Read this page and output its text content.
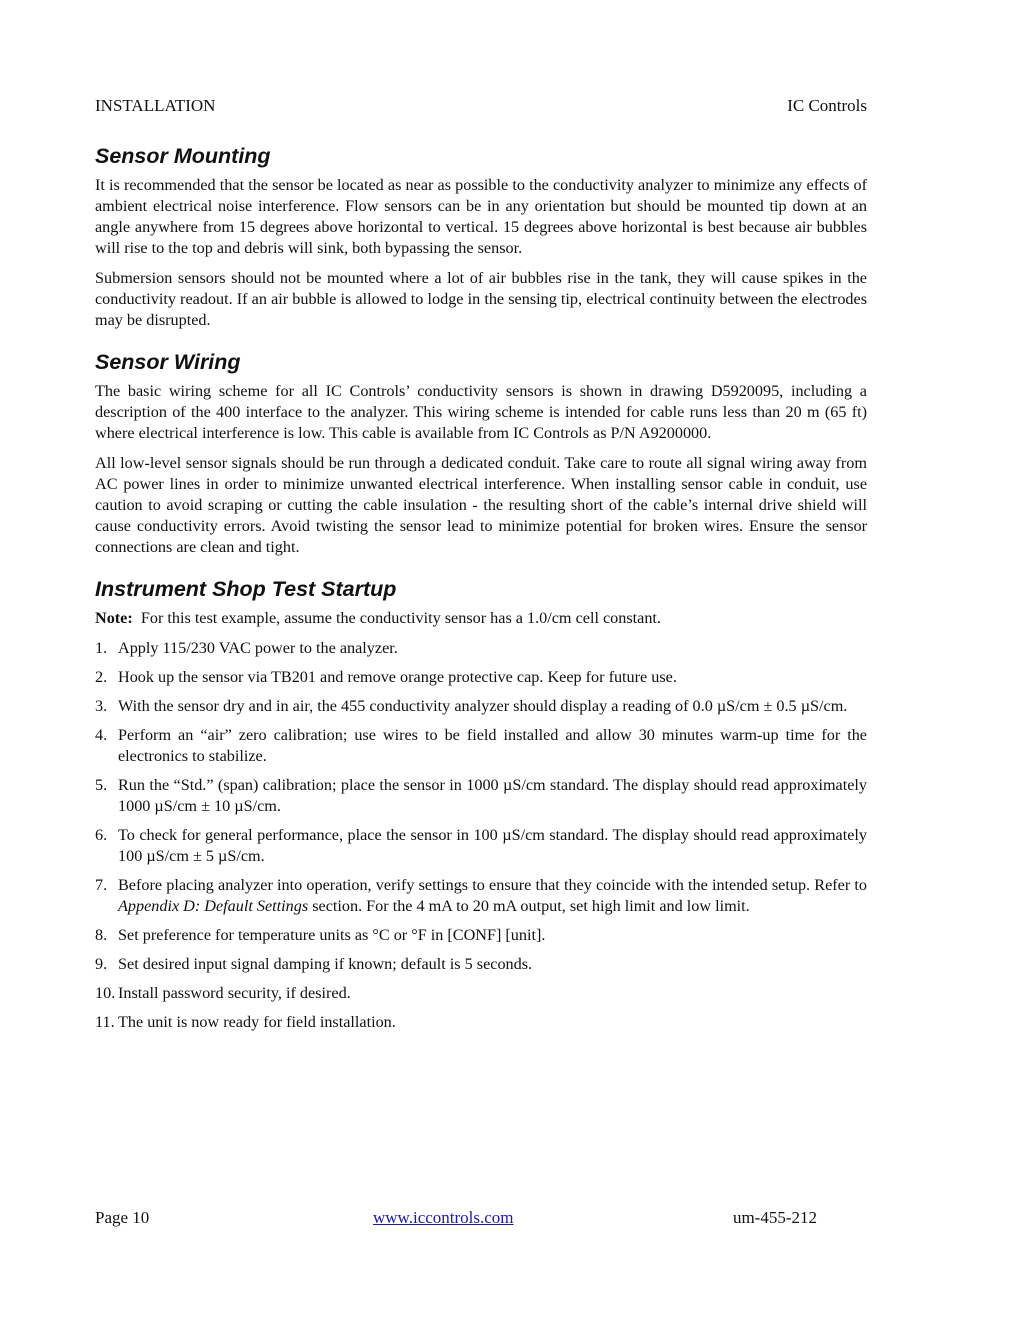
INSTALLATION	IC Controls
Sensor Mounting

It is recommended that the sensor be located as near as possible to the conductivity analyzer to minimize any effects of ambient electrical noise interference. Flow sensors can be in any orientation but should be mounted tip down at an angle anywhere from 15 degrees above horizontal to vertical. 15 degrees above horizontal is best because air bubbles will rise to the top and debris will sink, both bypassing the sensor.

Submersion sensors should not be mounted where a lot of air bubbles rise in the tank, they will cause spikes in the conductivity readout. If an air bubble is allowed to lodge in the sensing tip, electrical continuity between the electrodes may be disrupted.

Sensor Wiring

The basic wiring scheme for all IC Controls’ conductivity sensors is shown in drawing D5920095, including a description of the 400 interface to the analyzer. This wiring scheme is intended for cable runs less than 20 m (65 ft) where electrical interference is low. This cable is available from IC Controls as P/N A9200000.

All low-level sensor signals should be run through a dedicated conduit. Take care to route all signal wiring away from AC power lines in order to minimize unwanted electrical interference. When installing sensor cable in conduit, use caution to avoid scraping or cutting the cable insulation - the resulting short of the cable’s internal drive shield will cause conductivity errors. Avoid twisting the sensor lead to minimize potential for broken wires. Ensure the sensor connections are clean and tight.

Instrument Shop Test Startup

Note: For this test example, assume the conductivity sensor has a 1.0/cm cell constant.

1. Apply 115/230 VAC power to the analyzer.
2. Hook up the sensor via TB201 and remove orange protective cap. Keep for future use.
3. With the sensor dry and in air, the 455 conductivity analyzer should display a reading of 0.0 µS/cm ± 0.5 µS/cm.
4. Perform an “air” zero calibration; use wires to be field installed and allow 30 minutes warm-up time for the electronics to stabilize.
5. Run the “Std.” (span) calibration; place the sensor in 1000 µS/cm standard. The display should read approximately 1000 µS/cm ± 10 µS/cm.
6. To check for general performance, place the sensor in 100 µS/cm standard. The display should read approximately 100 µS/cm ± 5 µS/cm.
7. Before placing analyzer into operation, verify settings to ensure that they coincide with the intended setup. Refer to Appendix D: Default Settings section. For the 4 mA to 20 mA output, set high limit and low limit.
8. Set preference for temperature units as °C or °F in [CONF] [unit].
9. Set desired input signal damping if known; default is 5 seconds.
10. Install password security, if desired.
11. The unit is now ready for field installation.
Page 10	www.iccontrols.com	um-455-212
